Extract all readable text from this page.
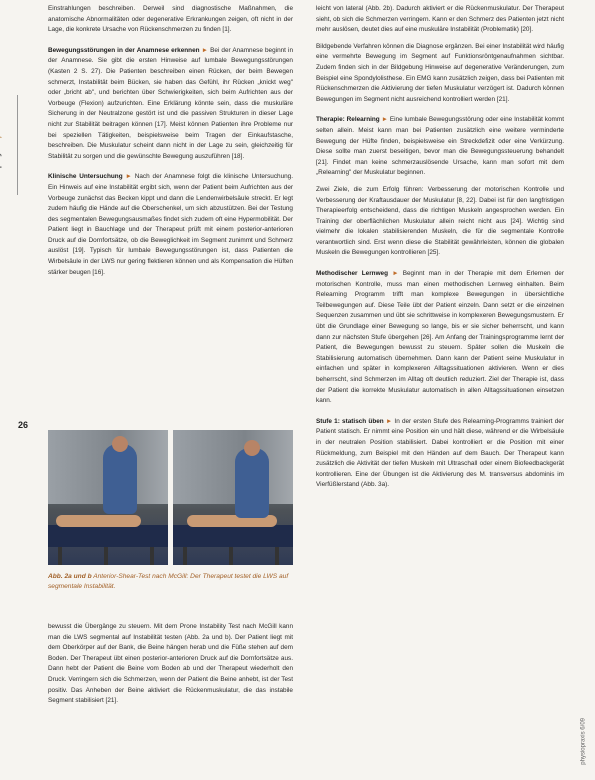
26

Einstrahlungen beschreiben. Derweil sind diagnostische Maßnahmen, die anatomische Abnormalitäten oder degenerative Erkrankungen zeigen, oft nicht in der Lage, die konkrete Ursache von Rückenschmerzen zu finden [1].

Bewegungsstörungen in der Anamnese erkennen ► Bei der Anamnese beginnt in der Anamnese. Sie gibt die ersten Hinweise auf lumbale Bewegungsstörungen (Kasten 2 S. 27). Die Patienten beschreiben einen Rücken, der beim Bewegen schmerzt, Instabilität beim Bücken, sie haben das Gefühl, ihr Rücken „knickt weg" oder „bricht ab", und berichten über Schwierigkeiten, sich beim Aufrichten aus der Vorbeuge (Flexion) aufzurichten. Eine Erklärung könnte sein, dass die muskuläre Sicherung in der Neutralzone gestört ist und die passiven Strukturen in dieser Lage nicht zur Stabilität beitragen können [17]. Meist können Patienten ihre Probleme nur bei speziellen Tätigkeiten, beispielsweise beim Tragen der Einkaufstasche, beschreiben. Die Muskulatur scheint dann nicht in der Lage zu sein, gleichzeitig für Stabilität zu sorgen und die gewünschte Bewegung auszuführen [18].

Klinische Untersuchung ► Nach der Anamnese folgt die klinische Untersuchung. Ein Hinweis auf eine Instabilität ergibt sich, wenn der Patient beim Aufrichten aus der Vorbeuge zunächst das Becken kippt und dann die Lendenwirbelsäule streckt. Er legt zudem häufig die Hände auf die Oberschenkel, um sich abzustützen. Bei der Testung des segmentalen Bewegungsausmaßes findet sich zudem oft eine Hypermobilität. Der Patient liegt in Bauchlage und der Therapeut prüft mit einem posterior-anterioren Druck auf die Dornfortsätze, ob die Beweglichkeit im Segment zunimmt und Schmerz auslöst [19]. Typisch für lumbale Bewegungsstörungen ist, dass Patienten die Wirbelsäule in der LWS nur gering flektieren können und als Kompensation die Hüften stärker beugen [16].

Abb. 2a und b Anterior-Shear-Test nach McGill: Der Therapeut testet die LWS auf segmentale Instabilität.

bewusst die Übergänge zu steuern. Mit dem Prone Instability Test nach McGill kann man die LWS segmental auf Instabilität testen (Abb. 2a und b). Der Patient liegt mit dem Oberkörper auf der Bank, die Beine hängen herab und die Füße stehen auf dem Boden. Der Therapeut übt einen posterior-anterioren Druck auf die Dornfortsätze aus. Dann hebt der Patient die Beine vom Boden ab und der Therapeut wiederholt den Druck. Verringern sich die Schmerzen, wenn der Patient die Beine anhebt, ist der Test positiv. Das Anheben der Beine aktiviert die Rückenmuskulatur, die das instabile Segment stabilisiert [21].

leicht von lateral (Abb. 2b). Dadurch aktiviert er die Rückenmuskulatur. Der Therapeut sieht, ob sich die Schmerzen verringern. Kann er den Schmerz des Patienten jetzt nicht mehr auslösen, deutet dies auf eine muskuläre Instabilität (Problematik) [20].

Bildgebende Verfahren können die Diagnose ergänzen. Bei einer Instabilität wird häufig eine vermehrte Bewegung im Segment auf Funktionsröntgenaufnahmen sichtbar. Zudem finden sich in der Bildgebung Hinweise auf degenerative Veränderungen, zum Beispiel eine Spondylolisthese. Ein EMG kann zusätzlich zeigen, dass bei Patienten mit Rückenschmerzen die Aktivierung der tiefen Muskulatur verzögert ist. Dadurch können Bewegungen im Segment nicht ausreichend kontrolliert werden [21].

Therapie: Relearning ► Eine lumbale Bewegungsstörung oder eine Instabilität kommt selten allein. Meist kann man bei Patienten zusätzlich eine weitere verminderte Bewegung der Hüfte finden, beispielsweise ein Streckdefizit oder eine Verkürzung. Diese sollte man zuerst beseitigen, bevor man die Bewegungssteuerung behandelt [21]. Findet man keine schmerzauslösende Ursache, kann man sofort mit dem „Relearning" der Muskulatur beginnen.

Zwei Ziele, die zum Erfolg führen: Verbesserung der motorischen Kontrolle und Verbesserung der Kraftausdauer der Muskulatur [8, 22]. Dabei ist für den langfristigen Therapieerfolg entscheidend, dass die richtigen Muskeln angesprochen werden. Ein Training der oberflächlichen Muskulatur allein reicht nicht aus [24]. Wichtig sind vielmehr die lokalen stabilisierenden Muskeln, die für die segmentale Kontrolle verantwortlich sind. Erst wenn diese die Stabilität gewährleisten, können die globalen Muskeln die Bewegungen kontrollieren [25].

Methodischer Lernweg ► Beginnt man in der Therapie mit dem Erlernen der motorischen Kontrolle, muss man einen methodischen Lernweg einhalten. Beim Relearning Programm trifft man komplexe Bewegungen in übersichtliche Teilbewegungen auf. Diese Teile übt der Patient einzeln. Dann setzt er die einzelnen Sequenzen zusammen und übt sie schrittweise in komplexeren Bewegungsmustern. Er übt die Grundlage einer Bewegung so lange, bis er sie sicher beherrscht, und kann dann zur nächsten Stufe übergehen [26]. Am Anfang der Trainingsprogramme lernt der Patient, die Bewegungen bewusst zu steuern. Später sollen die Muskeln die Stabilisierung automatisch übernehmen. Dann kann der Patient seine Muskulatur in einfachen und später in komplexeren Alltagssituationen aktivieren. Wenn er dies beherrscht, sind Schmerzen im Alltag oft deutlich reduziert. Ziel der Therapie ist, dass der Patient die korrekte Muskulatur automatisch in allen Alltagssituationen einsetzen kann.

Stufe 1: statisch üben ► In der ersten Stufe des Relearning-Programms trainiert der Patient statisch. Er nimmt eine Position ein und hält diese, während er die Wirbelsäule in der neutralen Position stabilisiert. Dabei kontrolliert er die Position mit einer Rückmeldung, zum Beispiel mit den Händen auf dem Bauch. Der Therapeut kann zusätzlich die Aktivität der tiefen Muskeln mit Ultraschall oder einem Biofeedbackgerät kontrollieren. Eine der Übungen ist die Aktivierung des M. transversus abdominis im Vierfüßlerstand (Abb. 3a).

physiopraxis 6/09
